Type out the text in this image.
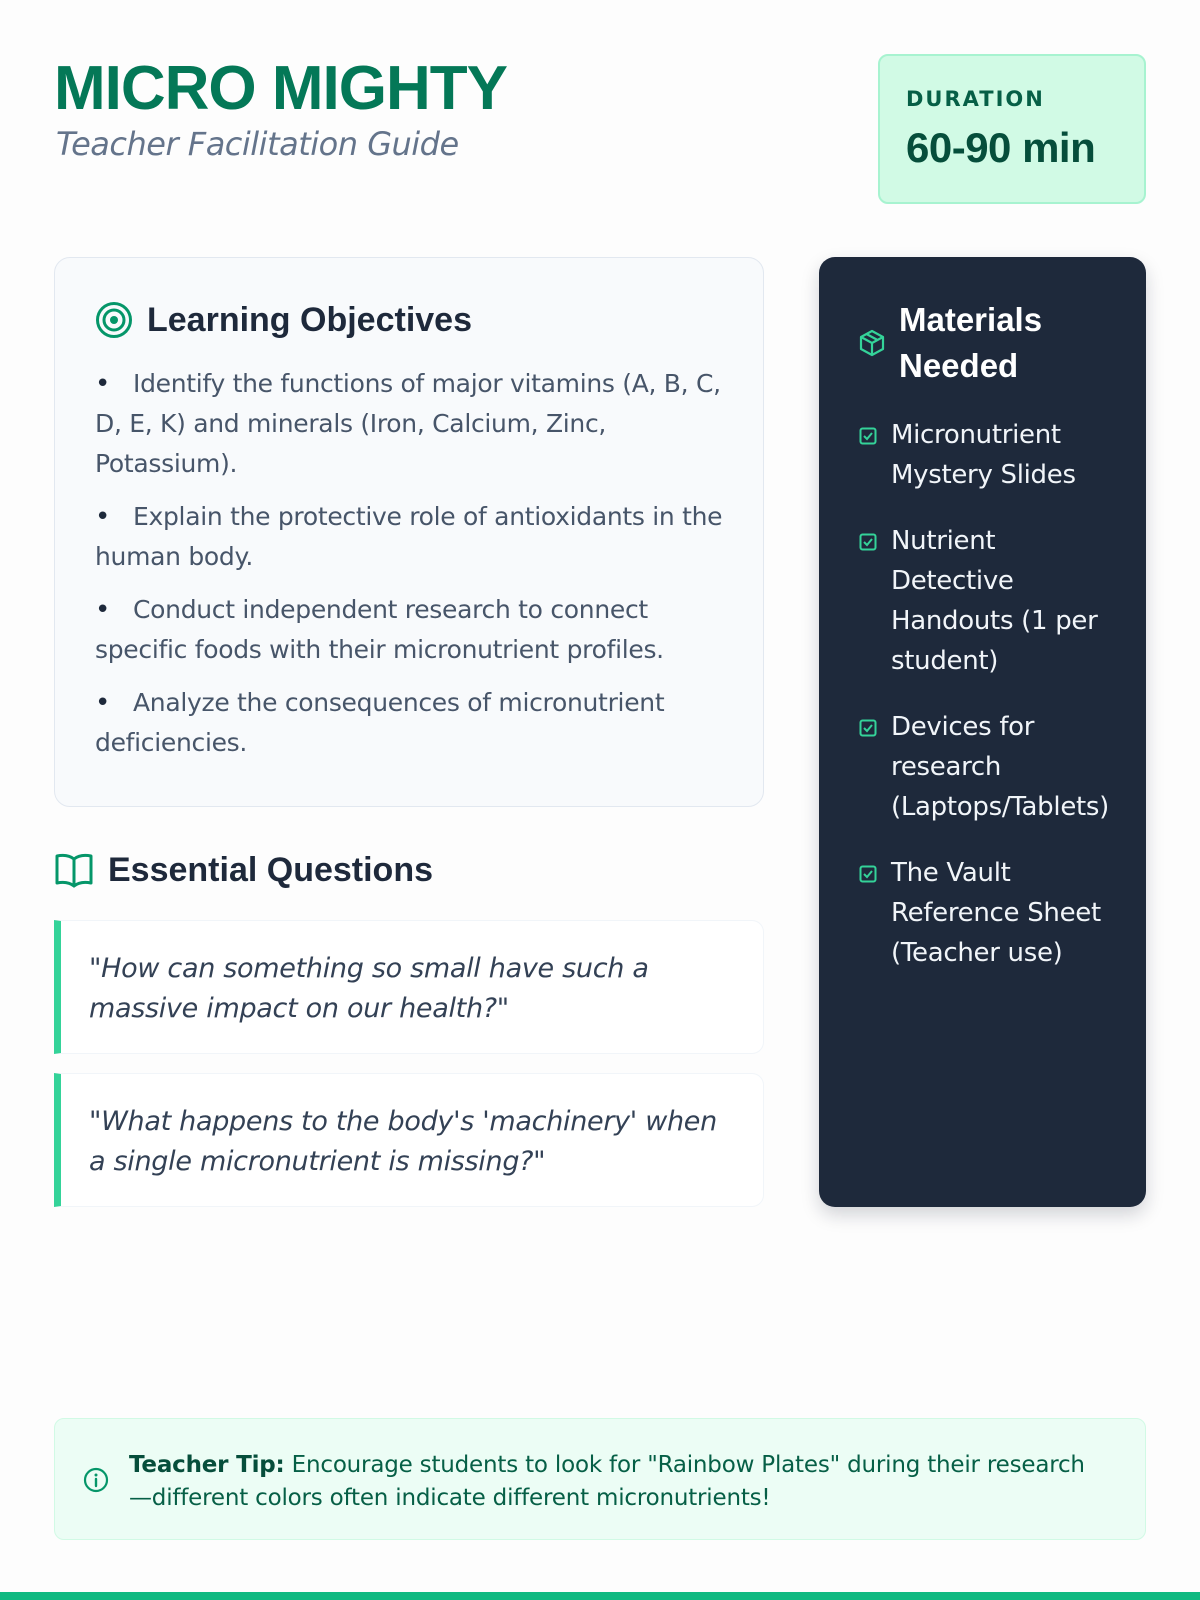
MICRO MIGHTY
Teacher Facilitation Guide
DURATION
60-90 min
Learning Objectives
•Identify the functions of major vitamins (A, B, C, D, E, K) and minerals (Iron, Calcium, Zinc, Potassium).
•Explain the protective role of antioxidants in the human body.
•Conduct independent research to connect specific foods with their micronutrient profiles.
•Analyze the consequences of micronutrient deficiencies.
Essential Questions
"How can something so small have such a massive impact on our health?"
"What happens to the body's 'machinery' when a single micronutrient is missing?"
Materials Needed
Micronutrient Mystery Slides
Nutrient Detective Handouts (1 per student)
Devices for research (Laptops/Tablets)
The Vault Reference Sheet (Teacher use)

Teacher Tip: Encourage students to look for "Rainbow Plates" during their research—different colors often indicate different micronutrients!
